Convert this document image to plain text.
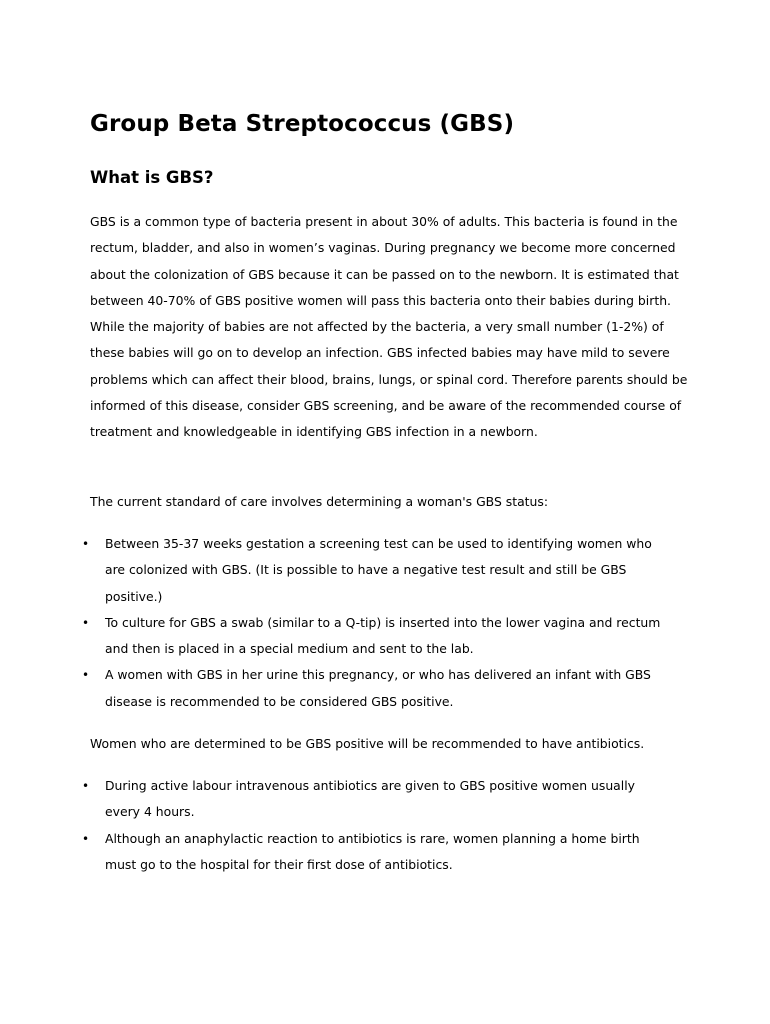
Group Beta Streptococcus (GBS)
What is GBS?

GBS is a common type of bacteria present in about 30% of adults. This bacteria is found in the rectum, bladder, and also in women’s vaginas. During pregnancy we become more concerned about the colonization of GBS because it can be passed on to the newborn. It is estimated that between 40-70% of GBS positive women will pass this bacteria onto their babies during birth. While the majority of babies are not affected by the bacteria, a very small number (1-2%) of these babies will go on to develop an infection. GBS infected babies may have mild to severe problems which can affect their blood, brains, lungs, or spinal cord. Therefore parents should be informed of this disease, consider GBS screening, and be aware of the recommended course of treatment and knowledgeable in identifying GBS infection in a newborn.

The current standard of care involves determining a woman's GBS status:

• Between 35-37 weeks gestation a screening test can be used to identifying women who are colonized with GBS. (It is possible to have a negative test result and still be GBS positive.)
• To culture for GBS a swab (similar to a Q-tip) is inserted into the lower vagina and rectum and then is placed in a special medium and sent to the lab.
• A women with GBS in her urine this pregnancy, or who has delivered an infant with GBS disease is recommended to be considered GBS positive.

Women who are determined to be GBS positive will be recommended to have antibiotics.

• During active labour intravenous antibiotics are given to GBS positive women usually every 4 hours.
• Although an anaphylactic reaction to antibiotics is rare, women planning a home birth must go to the hospital for their first dose of antibiotics.
